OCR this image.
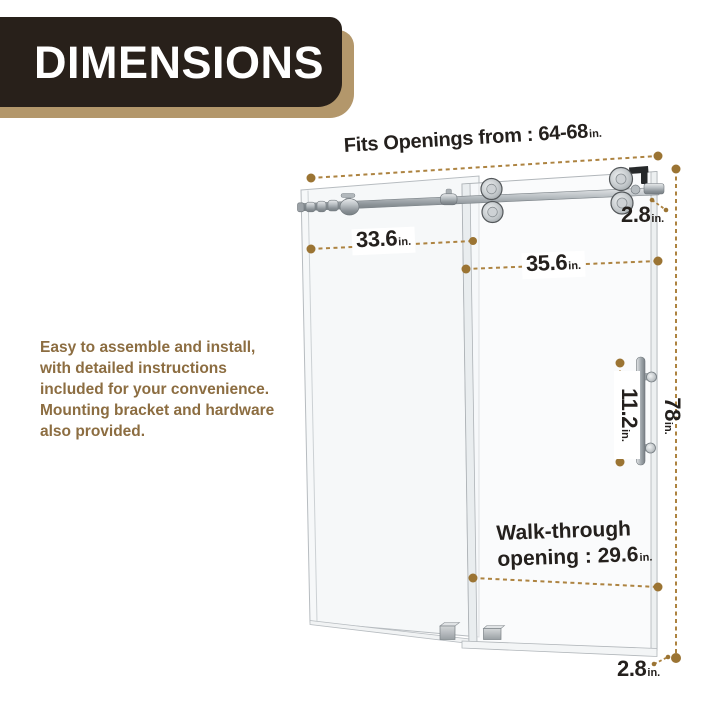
DIMENSIONS
Easy to assemble and install,
with detailed instructions
included for your convenience.
Mounting bracket and hardware
also provided.
Fits Openings from : 64-68in.
2.8in.
33.6in.
35.6in.
11.2in.
78in.
Walk-through
opening : 29.6in.
2.8in.
